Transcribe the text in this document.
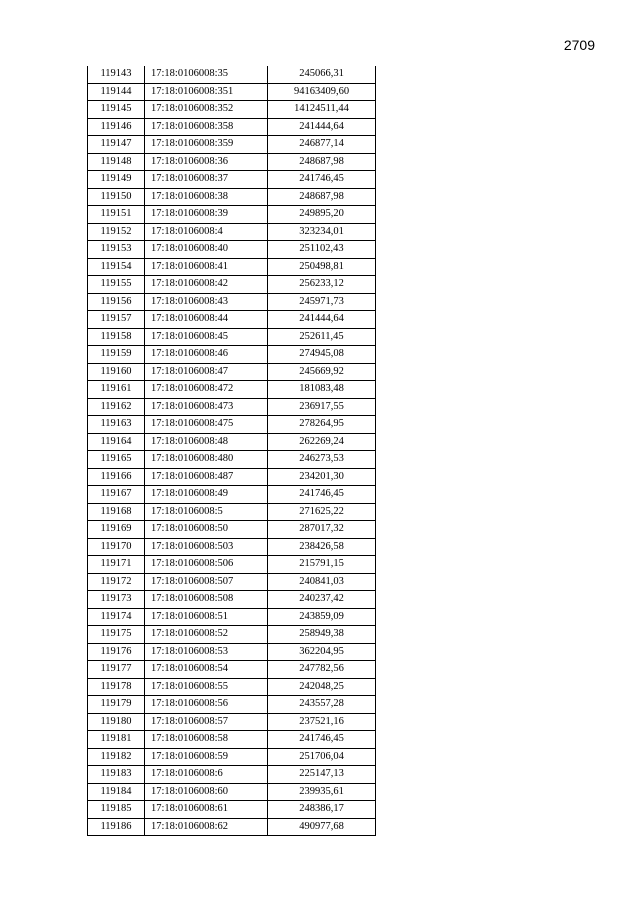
2709
119143	17:18:0106008:35	245066,31
119144	17:18:0106008:351	94163409,60
119145	17:18:0106008:352	14124511,44
119146	17:18:0106008:358	241444,64
119147	17:18:0106008:359	246877,14
119148	17:18:0106008:36	248687,98
119149	17:18:0106008:37	241746,45
119150	17:18:0106008:38	248687,98
119151	17:18:0106008:39	249895,20
119152	17:18:0106008:4	323234,01
119153	17:18:0106008:40	251102,43
119154	17:18:0106008:41	250498,81
119155	17:18:0106008:42	256233,12
119156	17:18:0106008:43	245971,73
119157	17:18:0106008:44	241444,64
119158	17:18:0106008:45	252611,45
119159	17:18:0106008:46	274945,08
119160	17:18:0106008:47	245669,92
119161	17:18:0106008:472	181083,48
119162	17:18:0106008:473	236917,55
119163	17:18:0106008:475	278264,95
119164	17:18:0106008:48	262269,24
119165	17:18:0106008:480	246273,53
119166	17:18:0106008:487	234201,30
119167	17:18:0106008:49	241746,45
119168	17:18:0106008:5	271625,22
119169	17:18:0106008:50	287017,32
119170	17:18:0106008:503	238426,58
119171	17:18:0106008:506	215791,15
119172	17:18:0106008:507	240841,03
119173	17:18:0106008:508	240237,42
119174	17:18:0106008:51	243859,09
119175	17:18:0106008:52	258949,38
119176	17:18:0106008:53	362204,95
119177	17:18:0106008:54	247782,56
119178	17:18:0106008:55	242048,25
119179	17:18:0106008:56	243557,28
119180	17:18:0106008:57	237521,16
119181	17:18:0106008:58	241746,45
119182	17:18:0106008:59	251706,04
119183	17:18:0106008:6	225147,13
119184	17:18:0106008:60	239935,61
119185	17:18:0106008:61	248386,17
119186	17:18:0106008:62	490977,68
